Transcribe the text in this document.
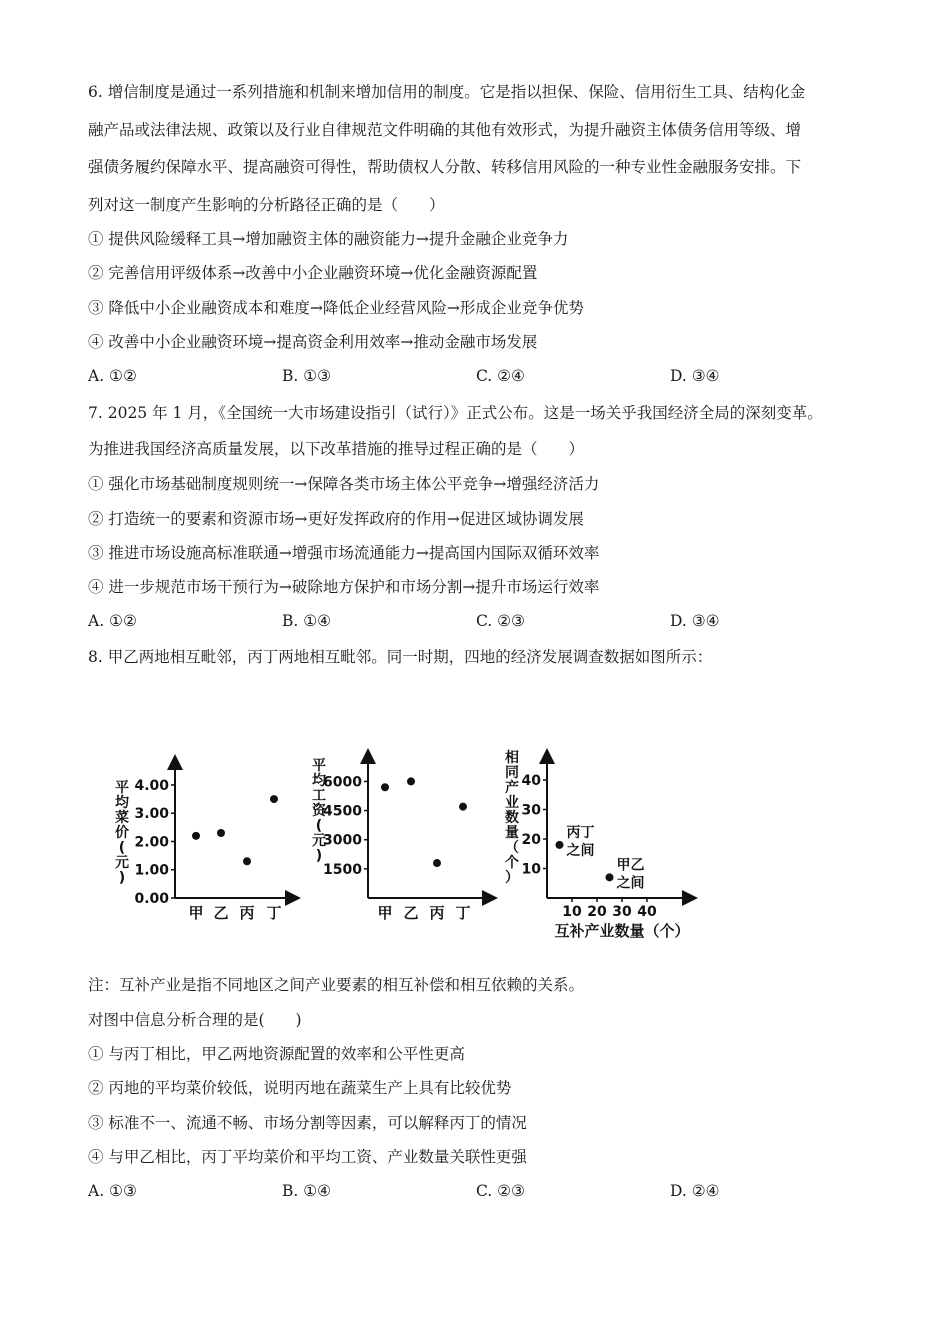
6. 增信制度是通过一系列措施和机制来增加信用的制度。它是指以担保、保险、信用衍生工具、结构化金
融产品或法律法规、政策以及行业自律规范文件明确的其他有效形式，为提升融资主体债务信用等级、增
强债务履约保障水平、提高融资可得性，帮助债权人分散、转移信用风险的一种专业性金融服务安排。下
列对这一制度产生影响的分析路径正确的是（　　）
① 提供风险缓释工具→增加融资主体的融资能力→提升金融企业竞争力
② 完善信用评级体系→改善中小企业融资环境→优化金融资源配置
③ 降低中小企业融资成本和难度→降低企业经营风险→形成企业竞争优势
④ 改善中小企业融资环境→提高资金利用效率→推动金融市场发展
A. ①②	B. ①③	C. ②④	D. ③④
7. 2025 年 1 月，《全国统一大市场建设指引（试行）》正式公布。这是一场关乎我国经济全局的深刻变革。
为推进我国经济高质量发展，以下改革措施的推导过程正确的是（　　）
① 强化市场基础制度规则统一→保障各类市场主体公平竞争→增强经济活力
② 打造统一的要素和资源市场→更好发挥政府的作用→促进区域协调发展
③ 推进市场设施高标准联通→增强市场流通能力→提高国内国际双循环效率
④ 进一步规范市场干预行为→破除地方保护和市场分割→提升市场运行效率
A. ①②	B. ①④	C. ②③	D. ③④
8. 甲乙两地相互毗邻，丙丁两地相互毗邻。同一时期，四地的经济发展调查数据如图所示：
0.00
1.00
2.00
3.00
4.00
甲 乙 丙 丁
平均菜价(元)
1500
3000
4500
6000
甲 乙 丙 丁
平均工资(元)
10
20
30
40
10 20 30 40
丙丁
之间
甲乙
之间
相同产业数量（个）
互补产业数量（个）
注：互补产业是指不同地区之间产业要素的相互补偿和相互依赖的关系。
对图中信息分析合理的是(　　)
① 与丙丁相比，甲乙两地资源配置的效率和公平性更高
② 丙地的平均菜价较低，说明丙地在蔬菜生产上具有比较优势
③ 标准不一、流通不畅、市场分割等因素，可以解释丙丁的情况
④ 与甲乙相比，丙丁平均菜价和平均工资、产业数量关联性更强
A. ①③	B. ①④	C. ②③	D. ②④
